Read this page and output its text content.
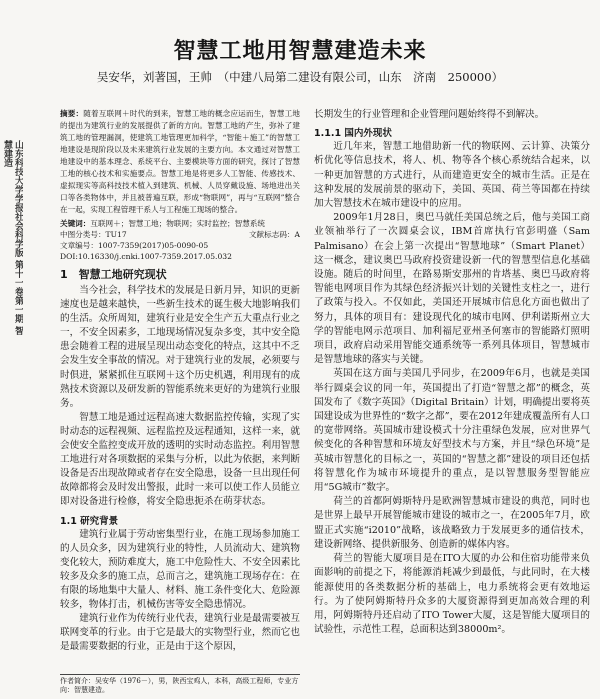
智慧工地用智慧建造未来
吴安华，刘著国，王帅　（中建八局第二建设有限公司，山东　济南　250000）
山东科技大学学报社会科学版 第十一卷第一期 智慧建造
摘要：随着互联网＋时代的到来，智慧工地的概念应运而生，智慧工地的提出为建筑行业的发展提供了新的方向。智慧工地的产生，弥补了建筑工地的管理漏洞，使建筑工地管理更加科学，“智能＋施工”的智慧工地建设是现阶段以及未来建筑行业发展的主要方向。本文通过对智慧工地建设中的基本理念、系统平台、主要模块等方面的研究，探讨了智慧工地的核心技术和实施要点。智慧工地是将更多人工智能、传感技术、虚拟现实等高科技技术植入到建筑、机械、人员穿戴设施、场地进出关口等各类物体中，并且被普遍互联，形成“物联网”，再与“互联网”整合在一起，实现工程管理干系人与工程施工现场的整合。
关键词：互联网＋；智慧工地；物联网；实时监控；智慧系统
中图分类号：TU17	文献标志码：A
文章编号：1007-7359(2017)05-0090-05
DOI:10.16330/j.cnki.1007-7359.2017.05.032
1　智慧工地研究现状

当今社会，科学技术的发展是日新月异，知识的更新速度也是越来越快，一些新生技术的诞生极大地影响我们的生活。众所周知，建筑行业是安全生产五大重点行业之一，不安全因素多，工地现场情况复杂多变，其中安全隐患会随着工程的进展呈现出动态变化的特点，这其中不乏会发生安全事故的情况。对于建筑行业的发展，必须要与时俱进，紧紧抓住互联网＋这个历史机遇，利用现有的成熟技术资源以及研发新的智能系统来更好的为建筑行业服务。

智慧工地是通过远程高速大数据监控传输，实现了实时动态的远程视频、远程监控及远程通知，这样一来，就会使安全监控变成开放的透明的实时动态监控。利用智慧工地进行对各项数据的采集与分析，以此为依据，来判断设备是否出现故障或者存在安全隐患，设备一旦出现任何故障都将会及时发出警报，此时一来可以使工作人员能立即对设备进行检修，将安全隐患扼杀在萌芽状态。

1.1 研究背景

建筑行业属于劳动密集型行业，在施工现场参加施工的人员众多，因为建筑行业的特性，人员流动大、建筑物变化较大，预防难度大，施工中危险性大、不安全因素比较多及众多的施工点，总而言之，建筑施工现场存在：在有限的场地集中大量人、材料、施工条件变化大、危险源较多，物体打击，机械伤害等安全隐患情况。

建筑行业作为传统行业代表，建筑行业是最需要被互联网变革的行业。由于它是最大的实物型行业，然而它也是最需要数据的行业，正是由于这个原因，

作者简介：吴安华（1976－），男，陕西宝鸡人，本科，高级工程师，专业方向：智慧建造。

长期发生的行业管理和企业管理问题始终得不到解决。

1.1.1 国内外现状

近几年来，智慧工地借助新一代的物联网、云计算、决策分析优化等信息技术，将人、机、物等各个核心系统结合起来，以一种更加智慧的方式进行，从而建造更安全的城市生活。正是在这种发展的发展前景的驱动下，美国、英国、荷兰等国都在持续加大智慧技术在城市建设中的应用。

2009年1月28日，奥巴马就任美国总统之后，他与美国工商业领袖举行了一次圆桌会议，IBM首席执行官彭明盛（Sam Palmisano）在会上第一次提出“智慧地球”（Smart Planet）这一概念，建议奥巴马政府投资建设新一代的智慧型信息化基础设施。随后的时间里，在路易斯安那州的肯塔基、奥巴马政府将智能电网项目作为其绿色经济振兴计划的关键性支柱之一，进行了政策与投入。不仅如此，美国还开展城市信息化方面也做出了努力，具体的项目有：建设现代化的城市电网、伊利诺斯州立大学的智能电网示范项目、加利福尼亚州圣何塞市的智能路灯照明项目，政府启动采用智能交通系统等一系列具体项目，智慧城市是智慧地球的落实与关键。

英国在这方面与美国几乎同步，在2009年6月，也就是美国举行圆桌会议的同一年，英国提出了打造“智慧之都”的概念，英国发布了《数字英国》（Digital Britain）计划，明确提出要将英国建设成为世界性的“数字之都”，要在2012年建成覆盖所有人口的宽带网络。英国城市建设模式十分注重绿色发展，应对世界气候变化的各种智慧和环境友好型技术与方案，并且“绿色环境”是英城市智慧化的目标之一，英国的“智慧之都”建设的项目还包括将智慧化作为城市环境提升的重点，是以智慧服务型智能应用“5G城市”数字。

荷兰的首都阿姆斯特丹是欧洲智慧城市建设的典范，同时也是世界上最早开展智能城市建设的城市之一，在2005年7月，欧盟正式实施“i2010”战略，该战略致力于发展更多的通信技术，建设新网络、提供新服务、创造新的媒体内容。

荷兰的智能大厦项目是在ITO大厦的办公和住宿功能带来负面影响的前提之下，将能源消耗减少到最低，与此同时，在大楼能源使用的各类数据分析的基础上，电力系统将会更有效地运行。为了使阿姆斯特丹众多的大厦资源得到更加高效合理的利用，阿姆斯特丹还启动了ITO Tower大厦，这是智能大厦项目的试验性，示范性工程，总面积达到38000m²。
